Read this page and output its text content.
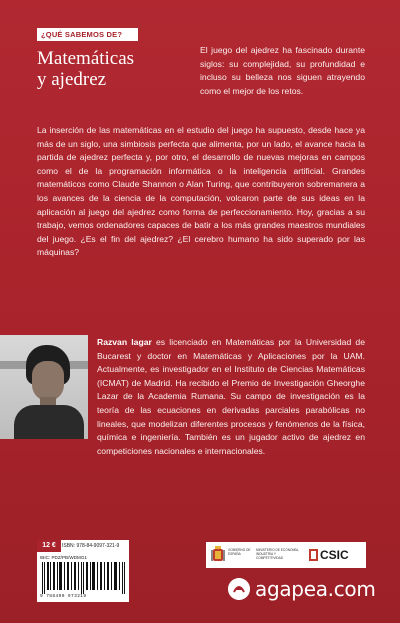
¿QUÉ SABEMOS DE?
Matemáticas
y ajedrez

El juego del ajedrez ha fascinado durante siglos: su complejidad, su profundidad e incluso su belleza nos siguen atrayendo como el mejor de los retos.

La inserción de las matemáticas en el estudio del juego ha supuesto, desde hace ya más de un siglo, una simbiosis perfecta que alimenta, por un lado, el avance hacia la partida de ajedrez perfecta y, por otro, el desarrollo de nuevas mejoras en campos como el de la programación informática o la inteligencia artificial. Grandes matemáticos como Claude Shannon o Alan Turing, que contribuyeron sobremanera a los avances de la ciencia de la computación, volcaron parte de sus ideas en la aplicación al juego del ajedrez como forma de perfeccionamiento. Hoy, gracias a su trabajo, vemos ordenadores capaces de batir a los más grandes maestros mundiales del juego. ¿Es el fin del ajedrez? ¿El cerebro humano ha sido superado por las máquinas?

Razvan Iagar es licenciado en Matemáticas por la Universidad de Bucarest y doctor en Matemáticas y Aplicaciones por la UAM. Actualmente, es investigador en el Instituto de Ciencias Matemáticas (ICMAT) de Madrid. Ha recibido el Premio de Investigación Gheorghe Lazar de la Academia Rumana. Su campo de investigación es la teoría de las ecuaciones en derivadas parciales parabólicas no lineales, que modelizan diferentes procesos y fenómenos de la física, química e ingeniería. También es un jugador activo de ajedrez en competiciones nacionales e internacionales.

12 €	ISBN: 978-84-9097-321-9
IBIC: PDZ/PB/WDMG1
9 788490 973219
GOBIERNO DE ESPAÑA
MINISTERIO DE ECONOMÍA, INDUSTRIA Y COMPETITIVIDAD	CSIC
agapea.com
